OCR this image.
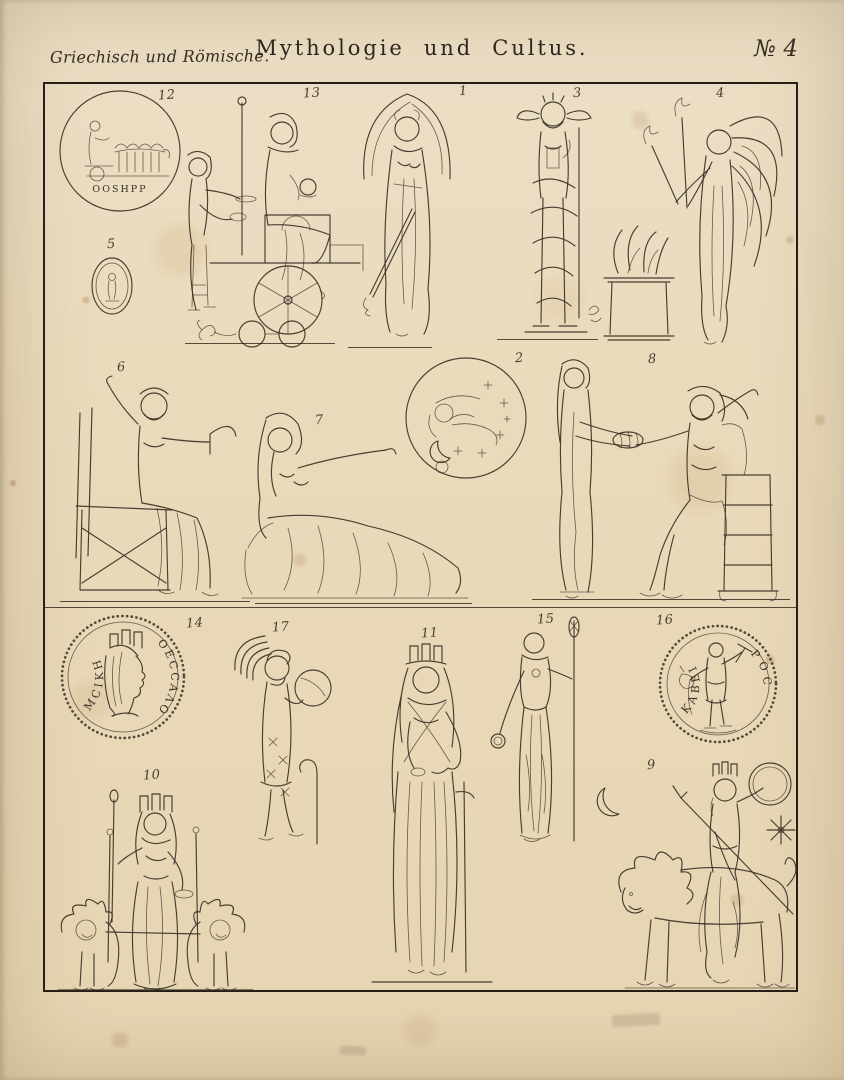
Griechisch und Römische.
Mythologie und Cultus.	№ 4
12	13	1	3	4
5
6
7
2	8
14	17	11
15	16
10
9
OOSHPP
ΜϹΙΚΗ
ΟΕϹϹΑΛΟ	ΚΑΒΕΙ
ΡΟϹ
